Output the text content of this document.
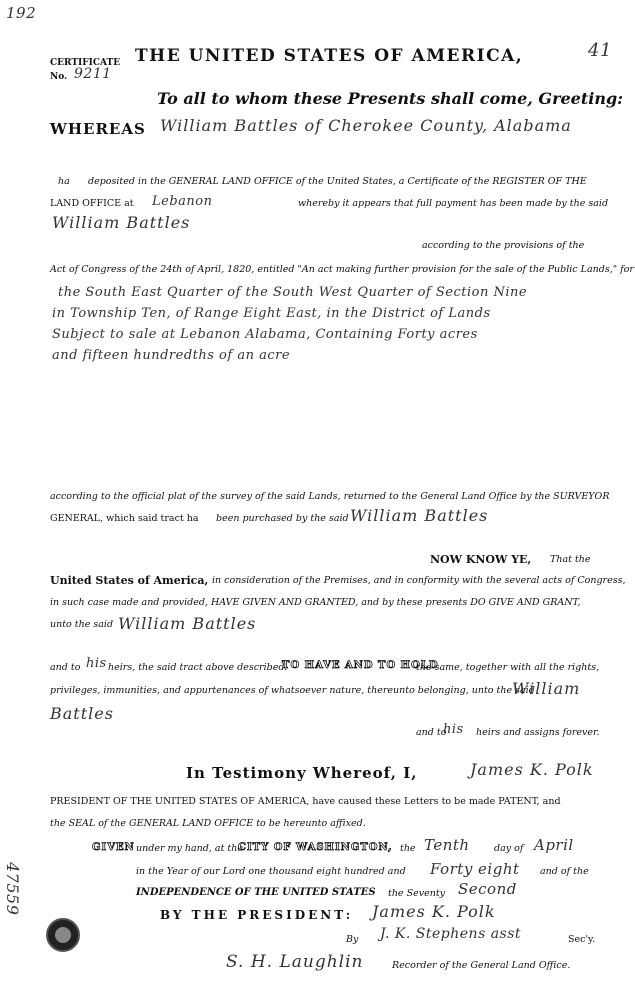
192
41
CERTIFICATE
No. 9211
THE UNITED STATES OF AMERICA,
To all to whom these Presents shall come, Greeting:
WHEREAS William Battles of Cherokee County, Alabama
ha deposited in the GENERAL LAND OFFICE of the United States, a Certificate of the REGISTER OF THE
LAND OFFICE at Lebanon	whereby it appears that full payment has been made by the said
William Battles
according to the provisions of the
Act of Congress of the 24th of April, 1820, entitled "An act making further provision for the sale of the Public Lands," for
the South East Quarter of the South West Quarter of Section Nine
in Township Ten, of Range Eight East, in the District of Lands
Subject to sale at Lebanon Alabama, Containing Forty acres
and fifteen hundredths of an acre
according to the official plat of the survey of the said Lands, returned to the General Land Office by the SURVEYOR
GENERAL, which said tract ha been purchased by the said William Battles
NOW KNOW YE, That the
United States of America, in consideration of the Premises, and in conformity with the several acts of Congress,
in such case made and provided, HAVE GIVEN AND GRANTED, and by these presents DO GIVE AND GRANT,
unto the said William Battles
and to his heirs, the said tract above described:
TO HAVE AND TO HOLD
the same, together with all the rights,
privileges, immunities, and appurtenances of whatsoever nature, thereunto belonging, unto the said
William
Battles
and to
his heirs and assigns forever.
In Testimony Whereof, I,	James K. Polk
PRESIDENT OF THE UNITED STATES OF AMERICA, have caused these Letters to be made PATENT, and
the SEAL of the GENERAL LAND OFFICE to be hereunto affixed.
GIVEN under my hand, at the
CITY OF WASHINGTON, the Tenth	day of April
in the Year of our Lord one thousand eight hundred and Forty eight and of the
INDEPENDENCE OF THE UNITED STATES the Seventy Second
BY THE PRESIDENT: James K. Polk
By J. K. Stephens asst	Sec'y.
S. H. Laughlin	Recorder of the General Land Office.
47559
